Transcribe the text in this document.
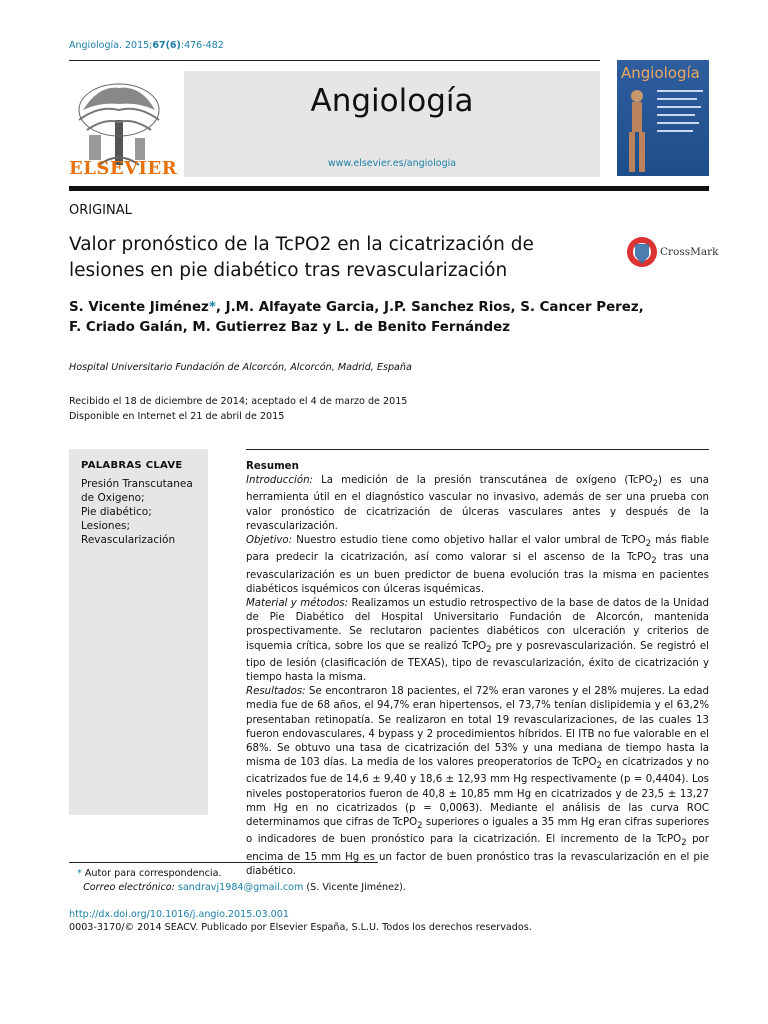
Angiología. 2015;67(6):476-482
ELSEVIER
Angiología
www.elsevier.es/angiologia
Angiología
ORIGINAL
Valor pronóstico de la TcPO2 en la cicatrización de lesiones en pie diabético tras revascularización
CrossMark
S. Vicente Jiménez*, J.M. Alfayate Garcia, J.P. Sanchez Rios, S. Cancer Perez,
F. Criado Galán, M. Gutierrez Baz y L. de Benito Fernández
Hospital Universitario Fundación de Alcorcón, Alcorcón, Madrid, España
Recibido el 18 de diciembre de 2014; aceptado el 4 de marzo de 2015
Disponible en Internet el 21 de abril de 2015
PALABRAS CLAVE
Presión Transcutanea
de Oxigeno;
Pie diabético;
Lesiones;
Revascularización

Resumen

Introducción: La medición de la presión transcutánea de oxígeno (TcPO$_2$) es una herramienta útil en el diagnóstico vascular no invasivo, además de ser una prueba con valor pronóstico de cicatrización de úlceras vasculares antes y después de la revascularización.

Objetivo: Nuestro estudio tiene como objetivo hallar el valor umbral de TcPO$_2$ más fiable para predecir la cicatrización, así como valorar si el ascenso de la TcPO$_2$ tras una revascularización es un buen predictor de buena evolución tras la misma en pacientes diabéticos isquémicos con úlceras isquémicas.

Material y métodos: Realizamos un estudio retrospectivo de la base de datos de la Unidad de Pie Diabético del Hospital Universitario Fundación de Alcorcón, mantenida prospectivamente. Se reclutaron pacientes diabéticos con ulceración y criterios de isquemia crítica, sobre los que se realizó TcPO$_2$ pre y posrevascularización. Se registró el tipo de lesión (clasificación de TEXAS), tipo de revascularización, éxito de cicatrización y tiempo hasta la misma.

Resultados: Se encontraron 18 pacientes, el 72% eran varones y el 28% mujeres. La edad media fue de 68 años, el 94,7% eran hipertensos, el 73,7% tenían dislipidemia y el 63,2% presentaban retinopatía. Se realizaron en total 19 revascularizaciones, de las cuales 13 fueron endovasculares, 4 bypass y 2 procedimientos híbridos. El ITB no fue valorable en el 68%. Se obtuvo una tasa de cicatrización del 53% y una mediana de tiempo hasta la misma de 103 días. La media de los valores preoperatorios de TcPO$_2$ en cicatrizados y no cicatrizados fue de 14,6 ± 9,40 y 18,6 ± 12,93 mm Hg respectivamente (p = 0,4404). Los niveles postoperatorios fueron de 40,8 ± 10,85 mm Hg en cicatrizados y de 23,5 ± 13,27 mm Hg en no cicatrizados (p = 0,0063). Mediante el análisis de las curva ROC determinamos que cifras de TcPO$_2$ superiores o iguales a 35 mm Hg eran cifras superiores o indicadores de buen pronóstico para la cicatrización. El incremento de la TcPO$_2$ por encima de 15 mm Hg es un factor de buen pronóstico tras la revascularización en el pie diabético.

* Autor para correspondencia.
Correo electrónico: sandravj1984@gmail.com (S. Vicente Jiménez).
http://dx.doi.org/10.1016/j.angio.2015.03.001
0003-3170/© 2014 SEACV. Publicado por Elsevier España, S.L.U. Todos los derechos reservados.
